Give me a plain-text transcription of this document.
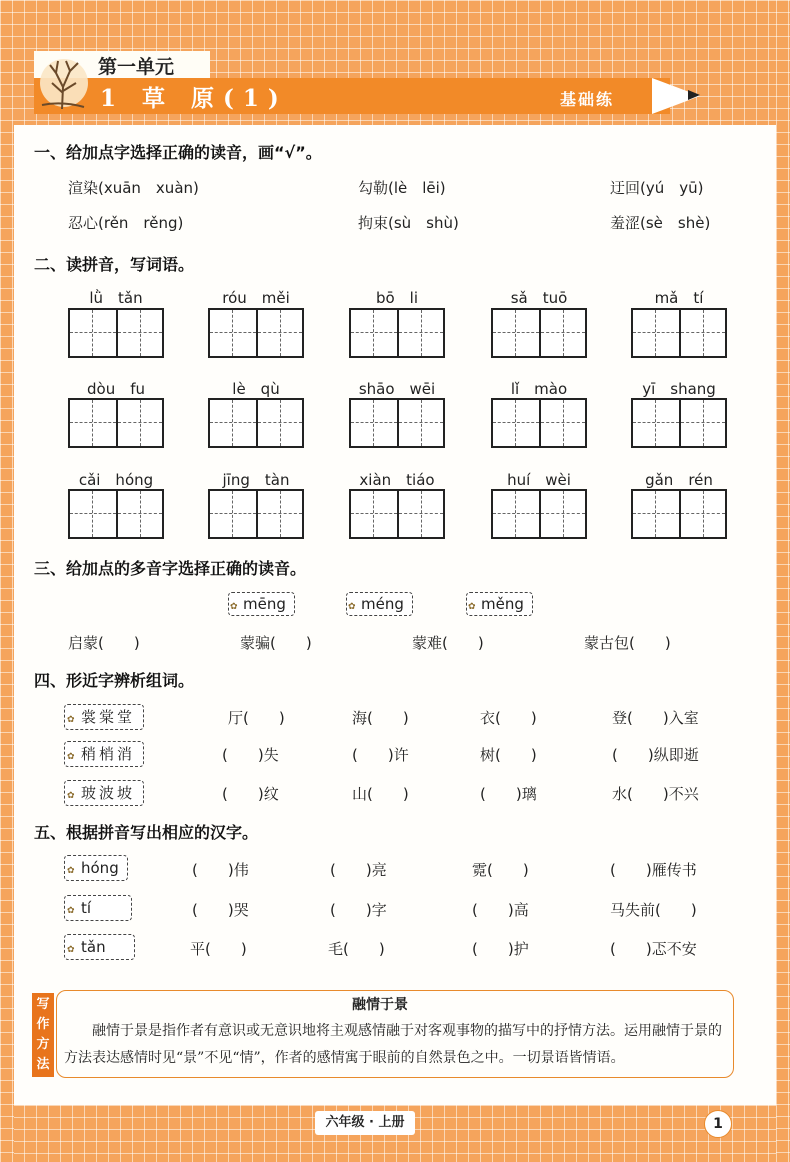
第一单元
1 草 原(1)	基础练
一、给加点字选择正确的读音，画“√”。
渲染(xuān　xuàn)	勾勒(lè　lēi)	迂回(yú　yū)
忍心(rěn　rěng)	拘束(sù　shù)	羞涩(sè　shè)
二、读拼音，写词语。
lǜ　tǎn	róu　měi	bō　li	sǎ　tuō	mǎ　tí
dòu　fu	lè　qù	shāo　wēi	lǐ　mào	yī　shang
cǎi　hóng	jīng　tàn	xiàn　tiáo	huí　wèi	gǎn　rén
三、给加点的多音字选择正确的读音。
✿ mēng	✿ méng	✿ měng
启蒙(　　)	蒙骗(　　)	蒙难(　　)	蒙古包(　　)
四、形近字辨析组词。
✿ 裳棠堂	厅(　　)	海(　　)	衣(　　)	登(　　)入室
✿ 稍梢消	(　　)失	(　　)许	树(　　)	(　　)纵即逝
✿ 玻波坡	(　　)纹	山(　　)	(　　)璃	水(　　)不兴
五、根据拼音写出相应的汉字。
✿ hóng	(　　)伟	(　　)亮	霓(　　)	(　　)雁传书
✿ tí	(　　)哭	(　　)字	(　　)高	马失前(　　)
✿ tǎn	平(　　)	毛(　　)	(　　)护	(　　)忑不安
写作方法
融情于景
融情于景是指作者有意识或无意识地将主观感情融于对客观事物的描写中的抒情方法。运用融情于景的方法表达感情时见“景”不见“情”，作者的感情寓于眼前的自然景色之中。一切景语皆情语。
六年级 · 上册	1
